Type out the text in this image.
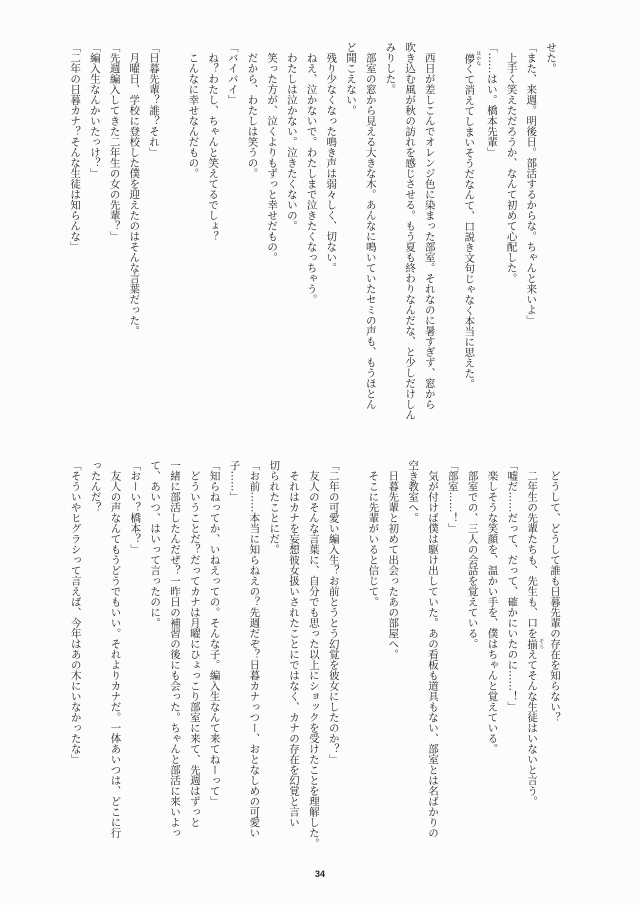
せた。
「また、来週。明後日。部活するからな。ちゃんと来いよ」
　上手く笑えただろうか、なんて初めて心配した。
「……はい。橋本先輩」
　儚 はかなくて消えてしまいそうだなんて、口説き文句じゃなく本当に思えた。
　西日が差しこんでオレンジ色に染まった部室。それなのに暑すぎず、窓から
吹き込む風が秋の訪れを感じさせる。もう夏も終わりなんだな、と少しだけしん
みりした。
　部室の窓から見える大きな木。あんなに鳴いていたセミの声も、もうほとん
ど聞こえない。
　残り少なくなった鳴き声は弱々しく、切ない。
　ねえ、泣かないで。わたしまで泣きたくなっちゃう。
　わたしは泣かない。泣きたくないの。
　笑った方が、泣くよりもずっと幸せだもの。
　だから、わたしは笑うの。
「バイバイ」
　ね？わたし、ちゃんと笑えてるでしょ？
　こんなに幸せなんだもの。
「日暮先輩？誰？それ」
　月曜日、学校に登校した僕を迎えたのはそんな言葉だった。
「先週編入してきた二年生の女の先輩？」
「編入生なんかいたっけ？」
「二年の日暮カナ？そんな生徒は知らんな」
　どうして、どうして誰も日暮先輩の存在を知らない？
　二年生の先輩たちも、先生も、口を揃 そろえてそんな生徒はいないと言う。
「嘘だ……だって、だって、確かにいたのに……！」
　楽しそうな笑顔を、温かい手を、僕はちゃんと覚えている。
　部室での、三人の会話を覚えている。
「部室……！」
　気が付けば僕は駆け出していた。あの看板も道具もない、部室とは名ばかりの
空き教室へ。
　日暮先輩と初めて出会ったあの部屋へ。
　そこに先輩がいると信じて。
「二年の可愛い編入生？お前とうとう幻覚を彼女にしたのか？」
　友人のそんな言葉に、自分でも思った以上にショックを受けたことを理解した。
　それはカナを妄想彼女扱いされたことにではなく、カナの存在を幻覚と言い
切られたことにだ。
「お前……本当に知らねえの？先週だぞ？日暮カナっつー、おとなしめの可愛い
子……」
「知らねってか、いねえっての。そんな子。編入生なんて来てねーって」
　どういうことだ？だってカナは月曜にひょっこり部室に来て、先週はずっと
一緒に部活したんだぜ？一昨日の補習の後にも会った。ちゃんと部活に来いよっ
て、あいつ、はいって言ったのに。
「おーい？橋本？」
　友人の声なんてもうどうでもいい。それよりカナだ。一体あいつは、どこに行
ったんだ？
「そういやヒグラシって言えば、今年はあの木にいなかったな」
34
